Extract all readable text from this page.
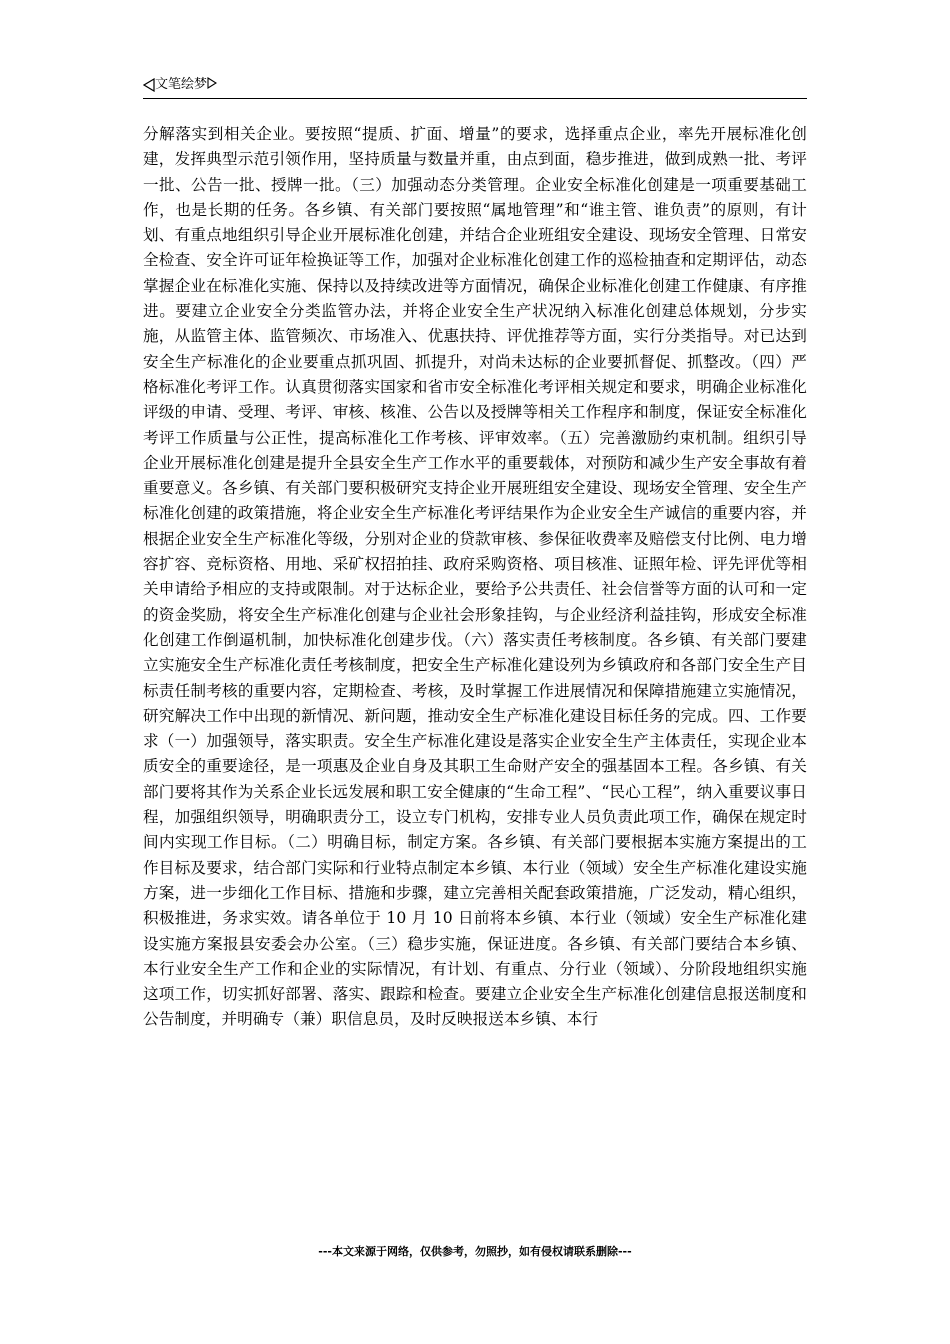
文笔绘梦

分解落实到相关企业。要按照“提质、扩面、增量”的要求，选择重点企业，率先开展标准化创建，发挥典型示范引领作用，坚持质量与数量并重，由点到面，稳步推进，做到成熟一批、考评一批、公告一批、授牌一批。（三）加强动态分类管理。企业安全标准化创建是一项重要基础工作，也是长期的任务。各乡镇、有关部门要按照“属地管理”和“谁主管、谁负责”的原则，有计划、有重点地组织引导企业开展标准化创建，并结合企业班组安全建设、现场安全管理、日常安全检查、安全许可证年检换证等工作，加强对企业标准化创建工作的巡检抽查和定期评估，动态掌握企业在标准化实施、保持以及持续改进等方面情况，确保企业标准化创建工作健康、有序推进。要建立企业安全分类监管办法，并将企业安全生产状况纳入标准化创建总体规划，分步实施，从监管主体、监管频次、市场准入、优惠扶持、评优推荐等方面，实行分类指导。对已达到安全生产标准化的企业要重点抓巩固、抓提升，对尚未达标的企业要抓督促、抓整改。（四）严格标准化考评工作。认真贯彻落实国家和省市安全标准化考评相关规定和要求，明确企业标准化评级的申请、受理、考评、审核、核准、公告以及授牌等相关工作程序和制度，保证安全标准化考评工作质量与公正性，提高标准化工作考核、评审效率。（五）完善激励约束机制。组织引导企业开展标准化创建是提升全县安全生产工作水平的重要载体，对预防和减少生产安全事故有着重要意义。各乡镇、有关部门要积极研究支持企业开展班组安全建设、现场安全管理、安全生产标准化创建的政策措施，将企业安全生产标准化考评结果作为企业安全生产诚信的重要内容，并根据企业安全生产标准化等级，分别对企业的贷款审核、参保征收费率及赔偿支付比例、电力增容扩容、竞标资格、用地、采矿权招拍挂、政府采购资格、项目核准、证照年检、评先评优等相关申请给予相应的支持或限制。对于达标企业，要给予公共责任、社会信誉等方面的认可和一定的资金奖励，将安全生产标准化创建与企业社会形象挂钩，与企业经济利益挂钩，形成安全标准化创建工作倒逼机制，加快标准化创建步伐。（六）落实责任考核制度。各乡镇、有关部门要建立实施安全生产标准化责任考核制度，把安全生产标准化建设列为乡镇政府和各部门安全生产目标责任制考核的重要内容，定期检查、考核，及时掌握工作进展情况和保障措施建立实施情况，研究解决工作中出现的新情况、新问题，推动安全生产标准化建设目标任务的完成。四、工作要求（一）加强领导，落实职责。安全生产标准化建设是落实企业安全生产主体责任，实现企业本质安全的重要途径，是一项惠及企业自身及其职工生命财产安全的强基固本工程。各乡镇、有关部门要将其作为关系企业长远发展和职工安全健康的“生命工程”、“民心工程”，纳入重要议事日程，加强组织领导，明确职责分工，设立专门机构，安排专业人员负责此项工作，确保在规定时间内实现工作目标。（二）明确目标，制定方案。各乡镇、有关部门要根据本实施方案提出的工作目标及要求，结合部门实际和行业特点制定本乡镇、本行业（领域）安全生产标准化建设实施方案，进一步细化工作目标、措施和步骤，建立完善相关配套政策措施，广泛发动，精心组织，积极推进，务求实效。请各单位于 10 月 10 日前将本乡镇、本行业（领域）安全生产标准化建设实施方案报县安委会办公室。（三）稳步实施，保证进度。各乡镇、有关部门要结合本乡镇、本行业安全生产工作和企业的实际情况，有计划、有重点、分行业（领域）、分阶段地组织实施这项工作，切实抓好部署、落实、跟踪和检查。要建立企业安全生产标准化创建信息报送制度和公告制度，并明确专（兼）职信息员，及时反映报送本乡镇、本行

---本文来源于网络，仅供参考，勿照抄，如有侵权请联系删除---
